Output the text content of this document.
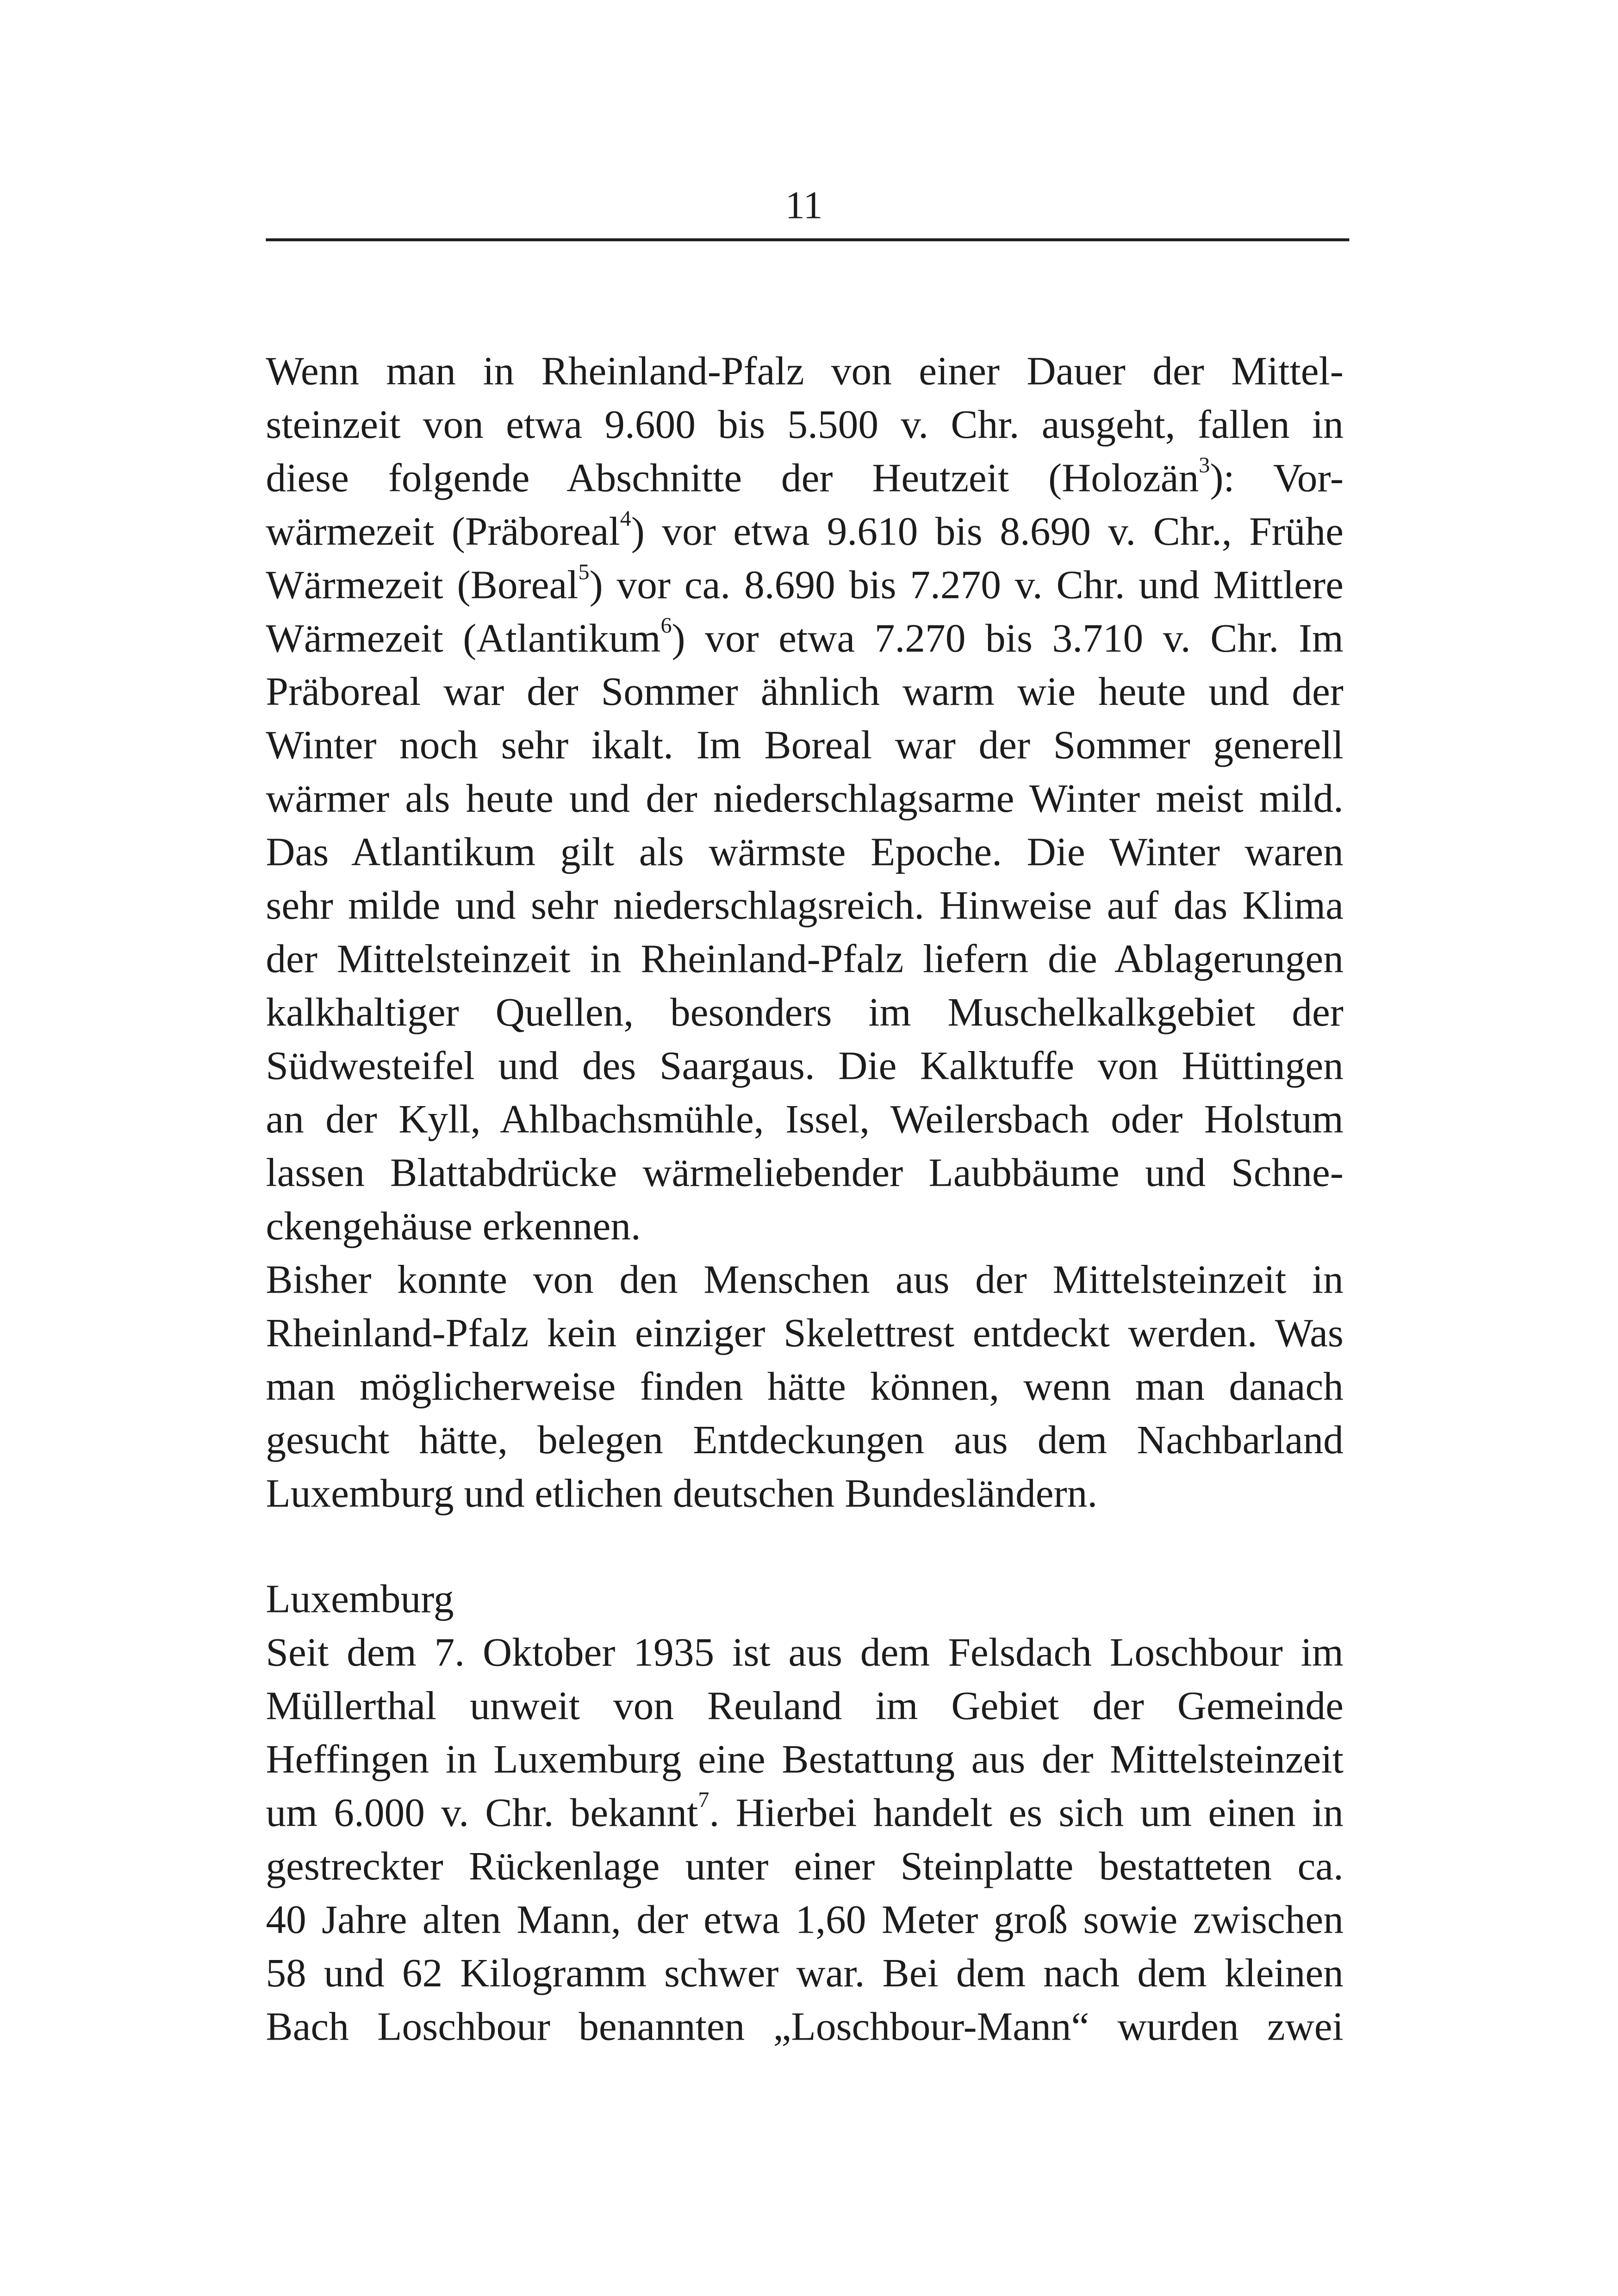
11
Wenn man in Rheinland-Pfalz von einer Dauer der Mittel-
steinzeit von etwa 9.600 bis 5.500 v. Chr. ausgeht, fallen in
diese folgende Abschnitte der Heutzeit (Holozän$^3$): Vor-
wärmezeit (Präboreal$^4$) vor etwa 9.610 bis 8.690 v. Chr., Frühe
Wärmezeit (Boreal$^5$) vor ca. 8.690 bis 7.270 v. Chr. und Mittlere
Wärmezeit (Atlantikum$^6$) vor etwa 7.270 bis 3.710 v. Chr. Im
Präboreal war der Sommer ähnlich warm wie heute und der
Winter noch sehr ikalt. Im Boreal war der Sommer generell
wärmer als heute und der niederschlagsarme Winter meist mild.
Das Atlantikum gilt als wärmste Epoche. Die Winter waren
sehr milde und sehr niederschlagsreich. Hinweise auf das Klima
der Mittelsteinzeit in Rheinland-Pfalz liefern die Ablagerungen
kalkhaltiger Quellen, besonders im Muschelkalkgebiet der
Südwesteifel und des Saargaus. Die Kalktuffe von Hüttingen
an der Kyll, Ahlbachsmühle, Issel, Weilersbach oder Holstum
lassen Blattabdrücke wärmeliebender Laubbäume und Schne-
ckengehäuse erkennen.
Bisher konnte von den Menschen aus der Mittelsteinzeit in
Rheinland-Pfalz kein einziger Skelettrest entdeckt werden. Was
man möglicherweise finden hätte können, wenn man danach
gesucht hätte, belegen Entdeckungen aus dem Nachbarland
Luxemburg und etlichen deutschen Bundesländern.
Luxemburg
Seit dem 7. Oktober 1935 ist aus dem Felsdach Loschbour im
Müllerthal unweit von Reuland im Gebiet der Gemeinde
Heffingen in Luxemburg eine Bestattung aus der Mittelsteinzeit
um 6.000 v. Chr. bekannt$^7$. Hierbei handelt es sich um einen in
gestreckter Rückenlage unter einer Steinplatte bestatteten ca.
40 Jahre alten Mann, der etwa 1,60 Meter groß sowie zwischen
58 und 62 Kilogramm schwer war. Bei dem nach dem kleinen
Bach Loschbour benannten „Loschbour-Mann“ wurden zwei
